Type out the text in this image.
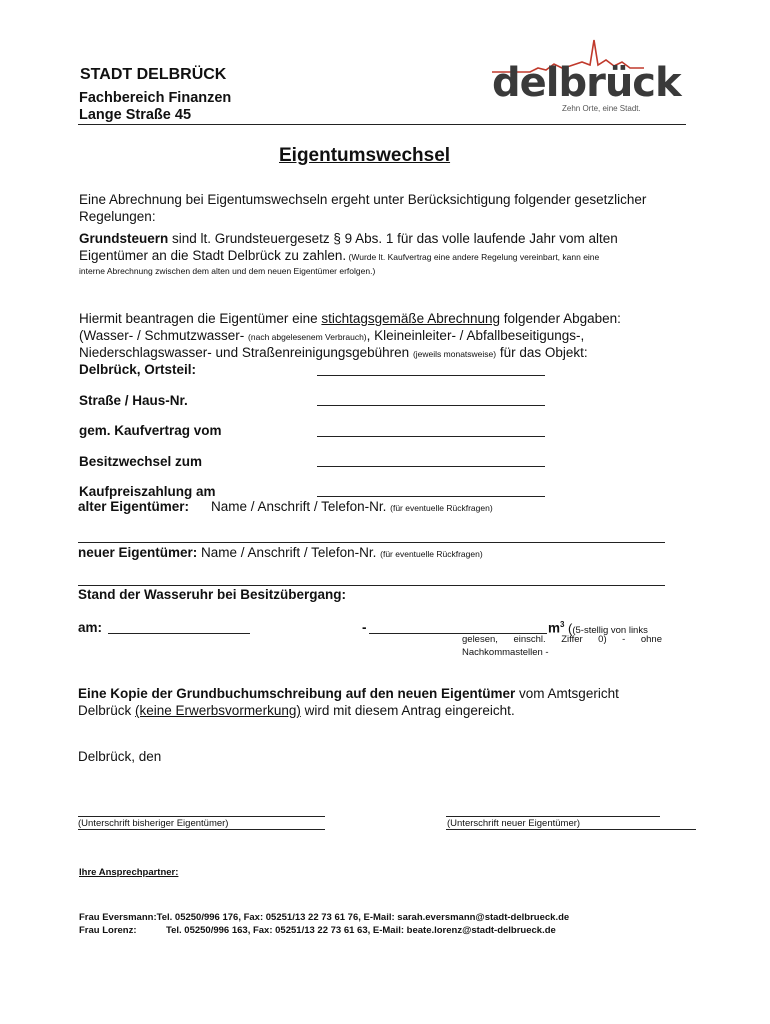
STADT DELBRÜCK
Fachbereich Finanzen
Lange Straße 45
delbrück
Zehn Orte, eine Stadt.
Eigentumswechsel
Eine Abrechnung bei Eigentumswechseln ergeht unter Berücksichtigung folgender gesetzlicher
Regelungen:
Grundsteuern sind lt. Grundsteuergesetz § 9 Abs. 1 für das volle laufende Jahr vom alten
Eigentümer an die Stadt Delbrück zu zahlen. (Wurde lt. Kaufvertrag eine andere Regelung vereinbart, kann eine
interne Abrechnung zwischen dem alten und dem neuen Eigentümer erfolgen.)
Hiermit beantragen die Eigentümer eine stichtagsgemäße Abrechnung folgender Abgaben:
(Wasser- / Schmutzwasser- (nach abgelesenem Verbrauch), Kleineinleiter- / Abfallbeseitigungs-,
Niederschlagswasser- und Straßenreinigungsgebühren (jeweils monatsweise) für das Objekt:
Delbrück, Ortsteil:
Straße / Haus-Nr.
gem. Kaufvertrag vom
Besitzwechsel zum
Kaufpreiszahlung am
alter Eigentümer: Name / Anschrift / Telefon-Nr. (für eventuelle Rückfragen)
neuer Eigentümer: Name / Anschrift / Telefon-Nr. (für eventuelle Rückfragen)
Stand der Wasseruhr bei Besitzübergang:
am:	-	$m^3$ ((5-stellig von links
gelesen, einschl. Ziffer 0) - ohne
Nachkommastellen -
Eine Kopie der Grundbuchumschreibung auf den neuen Eigentümer vom Amtsgericht
Delbrück (keine Erwerbsvormerkung) wird mit diesem Antrag eingereicht.
Delbrück, den
(Unterschrift bisheriger Eigentümer)	(Unterschrift neuer Eigentümer)
Ihre Ansprechpartner:
Frau Eversmann:Tel. 05250/996 176, Fax: 05251/13 22 73 61 76, E-Mail: sarah.eversmann@stadt-delbrueck.de
Frau Lorenz:	Tel. 05250/996 163, Fax: 05251/13 22 73 61 63, E-Mail: beate.lorenz@stadt-delbrueck.de
